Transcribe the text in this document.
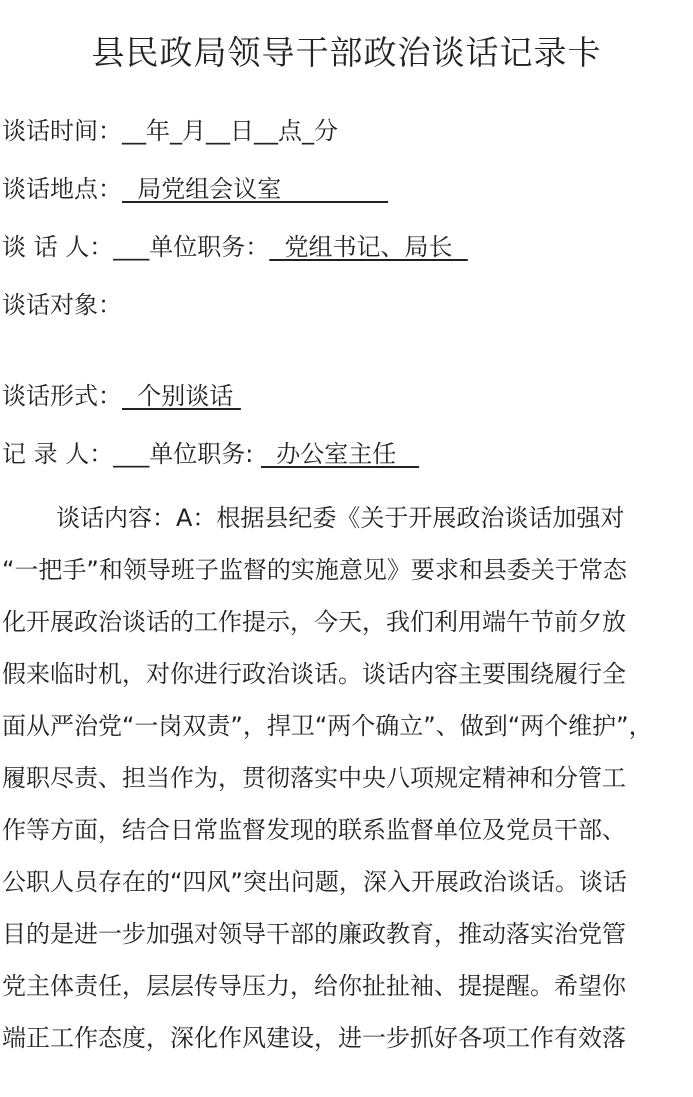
县民政局领导干部政治谈话记录卡
谈话时间：__年_月__日__点_分
谈话地点：  局党组会议室
谈 话 人：___单位职务：  党组书记、局长
谈话对象：
谈话形式：  个别谈话
记 录 人：___单位职务:   办公室主任
谈话内容：A：根据县纪委《关于开展政治谈话加强对
“一把手”和领导班子监督的实施意见》要求和县委关于常态
化开展政治谈话的工作提示，今天，我们利用端午节前夕放
假来临时机，对你进行政治谈话。谈话内容主要围绕履行全
面从严治党“一岗双责”，捍卫“两个确立”、做到“两个维护”，
履职尽责、担当作为，贯彻落实中央八项规定精神和分管工
作等方面，结合日常监督发现的联系监督单位及党员干部、
公职人员存在的“四风”突出问题，深入开展政治谈话。谈话
目的是进一步加强对领导干部的廉政教育，推动落实治党管
党主体责任，层层传导压力，给你扯扯袖、提提醒。希望你
端正工作态度，深化作风建设，进一步抓好各项工作有效落
